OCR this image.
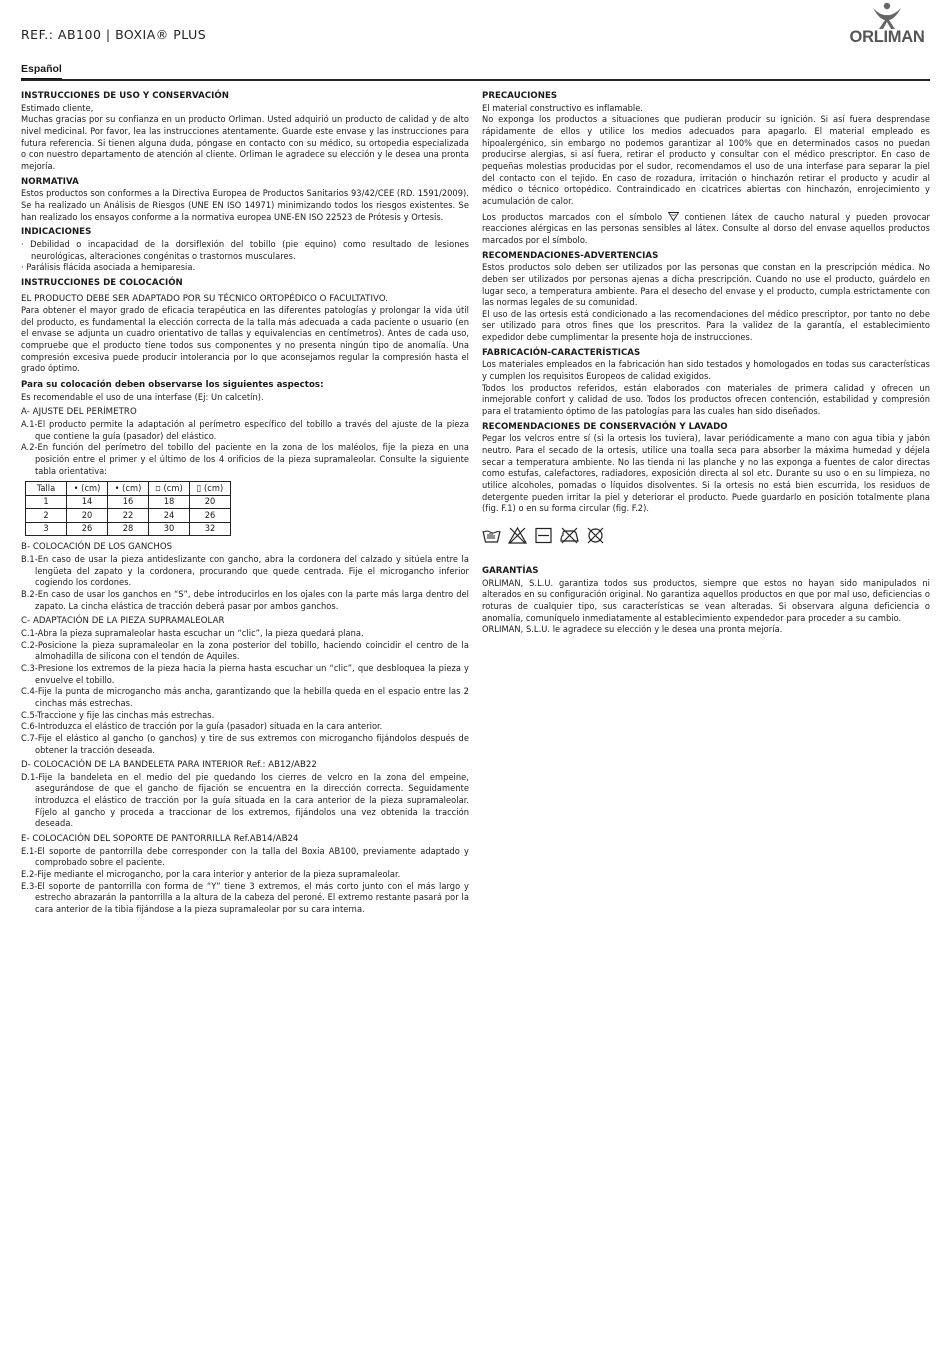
REF.: AB100 | BOXIA® PLUS	ORLIMAN
Español

INSTRUCCIONES DE USO Y CONSERVACIÓN

Estimado cliente,

Muchas gracias por su confianza en un producto Orliman. Usted adquirió un producto de calidad y de alto nivel medicinal. Por favor, lea las instrucciones atentamente. Guarde este envase y las instrucciones para futura referencia. Si tienen alguna duda, póngase en contacto con su médico, su ortopedia especializada o con nuestro departamento de atención al cliente. Orliman le agradece su elección y le desea una pronta mejoría.

NORMATIVA

Estos productos son conformes a la Directiva Europea de Productos Sanitarios 93/42/CEE (RD. 1591/2009). Se ha realizado un Análisis de Riesgos (UNE EN ISO 14971) minimizando todos los riesgos existentes. Se han realizado los ensayos conforme a la normativa europea UNE-EN ISO 22523 de Prótesis y Ortesis.

INDICACIONES

· Debilidad o incapacidad de la dorsiflexión del tobillo (pie equino) como resultado de lesiones neurológicas, alteraciones congénitas o trastornos musculares.

· Parálisis flácida asociada a hemiparesia.

INSTRUCCIONES DE COLOCACIÓN

EL PRODUCTO DEBE SER ADAPTADO POR SU TÉCNICO ORTOPÉDICO O FACULTATIVO.

Para obtener el mayor grado de eficacia terapéutica en las diferentes patologías y prolongar la vida útil del producto, es fundamental la elección correcta de la talla más adecuada a cada paciente o usuario (en el envase se adjunta un cuadro orientativo de tallas y equivalencias en centímetros). Antes de cada uso, compruebe que el producto tiene todos sus componentes y no presenta ningún tipo de anomalía. Una compresión excesiva puede producir intolerancia por lo que aconsejamos regular la compresión hasta el grado óptimo.

Para su colocación deben observarse los siguientes aspectos:

Es recomendable el uso de una interfase (Ej: Un calcetín).

A- AJUSTE DEL PERÍMETRO

A.1-El producto permite la adaptación al perímetro específico del tobillo a través del ajuste de la pieza que contiene la guía (pasador) del elástico.

A.2-En función del perímetro del tobillo del paciente en la zona de los maléolos, fije la pieza en una posición entre el primer y el último de los 4 orificios de la pieza supramaleolar. Consulte la siguiente tabla orientativa:

Talla	• (cm)	• (cm)	▫ (cm)	▯ (cm)
1	14	16	18	20
2	20	22	24	26
3	26	28	30	32

B- COLOCACIÓN DE LOS GANCHOS

B.1-En caso de usar la pieza antideslizante con gancho, abra la cordonera del calzado y sitúela entre la lengüeta del zapato y la cordonera, procurando que quede centrada. Fije el microgancho inferior cogiendo los cordones.

B.2-En caso de usar los ganchos en “S”, debe introducirlos en los ojales con la parte más larga dentro del zapato. La cincha elástica de tracción deberá pasar por ambos ganchos.

C- ADAPTACIÓN DE LA PIEZA SUPRAMALEOLAR

C.1-Abra la pieza supramaleolar hasta escuchar un “clic”, la pieza quedará plana.

C.2-Posicione la pieza supramaleolar en la zona posterior del tobillo, haciendo coincidir el centro de la almohadilla de silicona con el tendón de Aquiles.

C.3-Presione los extremos de la pieza hacia la pierna hasta escuchar un “clic”, que desbloquea la pieza y envuelve el tobillo.

C.4-Fije la punta de microgancho más ancha, garantizando que la hebilla queda en el espacio entre las 2 cinchas más estrechas.

C.5-Traccione y fije las cinchas más estrechas.

C.6-Introduzca el elástico de tracción por la guía (pasador) situada en la cara anterior.

C.7-Fije el elástico al gancho (o ganchos) y tire de sus extremos con microgancho fijándolos después de obtener la tracción deseada.

D- COLOCACIÓN DE LA BANDELETA PARA INTERIOR Ref.: AB12/AB22

D.1-Fije la bandeleta en el medio del pie quedando los cierres de velcro en la zona del empeine, asegurándose de que el gancho de fijación se encuentra en la dirección correcta. Seguidamente introduzca el elástico de tracción por la guía situada en la cara anterior de la pieza supramaleolar. Fíjelo al gancho y proceda a traccionar de los extremos, fijándolos una vez obtenida la tracción deseada.

E- COLOCACIÓN DEL SOPORTE DE PANTORRILLA Ref.AB14/AB24

E.1-El soporte de pantorrilla debe corresponder con la talla del Boxia AB100, previamente adaptado y comprobado sobre el paciente.

E.2-Fije mediante el microgancho, por la cara interior y anterior de la pieza supramaleolar.

E.3-El soporte de pantorrilla con forma de “Y” tiene 3 extremos, el más corto junto con el más largo y estrecho abrazarán la pantorrilla a la altura de la cabeza del peroné. El extremo restante pasará por la cara anterior de la tibia fijándose a la pieza supramaleolar por su cara interna.

PRECAUCIONES

El material constructivo es inflamable.

No exponga los productos a situaciones que pudieran producir su ignición. Si así fuera desprendase rápidamente de ellos y utilice los medios adecuados para apagarlo. El material empleado es hipoalergénico, sin embargo no podemos garantizar al 100% que en determinados casos no puedan producirse alergias, si así fuera, retirar el producto y consultar con el médico prescriptor. En caso de pequeñas molestias producidas por el sudor, recomendamos el uso de una interfase para separar la piel del contacto con el tejido. En caso de rozadura, irritación o hinchazón retirar el producto y acudir al médico o técnico ortopédico. Contraindicado en cicatrices abiertas con hinchazón, enrojecimiento y acumulación de calor.

Los productos marcados con el símbolo contienen látex de caucho natural y pueden provocar reacciones alérgicas en las personas sensibles al látex. Consulte al dorso del envase aquellos productos marcados por el símbolo.

RECOMENDACIONES-ADVERTENCIAS

Estos productos solo deben ser utilizados por las personas que constan en la prescripción médica. No deben ser utilizados por personas ajenas a dicha prescripción. Cuando no use el producto, guárdelo en lugar seco, a temperatura ambiente. Para el desecho del envase y el producto, cumpla estrictamente con las normas legales de su comunidad.

El uso de las ortesis está condicionado a las recomendaciones del médico prescriptor, por tanto no debe ser utilizado para otros fines que los prescritos. Para la validez de la garantía, el establecimiento expedidor debe cumplimentar la presente hoja de instrucciones.

FABRICACIÓN-CARACTERÍSTICAS

Los materiales empleados en la fabricación han sido testados y homologados en todas sus características y cumplen los requisitos Europeos de calidad exigidos.

Todos los productos referidos, están elaborados con materiales de primera calidad y ofrecen un inmejorable confort y calidad de uso. Todos los productos ofrecen contención, estabilidad y compresión para el tratamiento óptimo de las patologías para las cuales han sido diseñados.

RECOMENDACIONES DE CONSERVACIÓN Y LAVADO

Pegar los velcros entre sí (si la ortesis los tuviera), lavar periódicamente a mano con agua tibia y jabón neutro. Para el secado de la ortesis, utilice una toalla seca para absorber la máxima humedad y déjela secar a temperatura ambiente. No las tienda ni las planche y no las exponga a fuentes de calor directas como estufas, calefactores, radiadores, exposición directa al sol etc. Durante su uso o en su limpieza, no utilice alcoholes, pomadas o líquidos disolventes. Si la ortesis no está bien escurrida, los residuos de detergente pueden irritar la piel y deteriorar el producto. Puede guardarlo en posición totalmente plana (fig. F.1) o en su forma circular (fig. F.2).

GARANTÍAS

ORLIMAN, S.L.U. garantiza todos sus productos, siempre que estos no hayan sido manipulados ni alterados en su configuración original. No garantiza aquellos productos en que por mal uso, deficiencias o roturas de cualquier tipo, sus características se vean alteradas. Si observara alguna deficiencia o anomalía, comuníquelo inmediatamente al establecimiento expendedor para proceder a su cambio.

ORLIMAN, S.L.U. le agradece su elección y le desea una pronta mejoría.
